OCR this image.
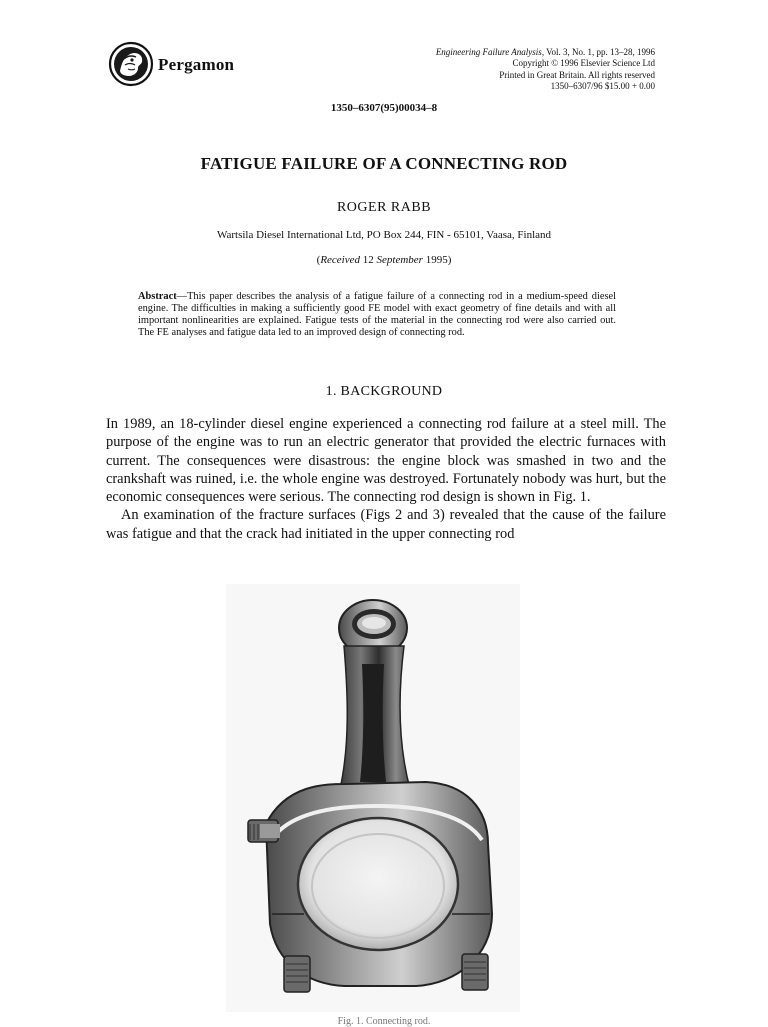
Pergamon
Engineering Failure Analysis, Vol. 3, No. 1, pp. 13–28, 1996
Copyright © 1996 Elsevier Science Ltd
Printed in Great Britain. All rights reserved
1350–6307/96 $15.00 + 0.00
1350–6307(95)00034–8
FATIGUE FAILURE OF A CONNECTING ROD
ROGER RABB
Wartsila Diesel International Ltd, PO Box 244, FIN - 65101, Vaasa, Finland
(Received 12 September 1995)
Abstract—This paper describes the analysis of a fatigue failure of a connecting rod in a medium-speed diesel engine. The difficulties in making a sufficiently good FE model with exact geometry of fine details and with all important nonlinearities are explained. Fatigue tests of the material in the connecting rod were also carried out. The FE analyses and fatigue data led to an improved design of connecting rod.
1. BACKGROUND

In 1989, an 18-cylinder diesel engine experienced a connecting rod failure at a steel mill. The purpose of the engine was to run an electric generator that provided the electric furnaces with current. The consequences were disastrous: the engine block was smashed in two and the crankshaft was ruined, i.e. the whole engine was destroyed. Fortunately nobody was hurt, but the economic consequences were serious. The connecting rod design is shown in Fig. 1.

An examination of the fracture surfaces (Figs 2 and 3) revealed that the cause of the failure was fatigue and that the crack had initiated in the upper connecting rod

Fig. 1. Connecting rod.
